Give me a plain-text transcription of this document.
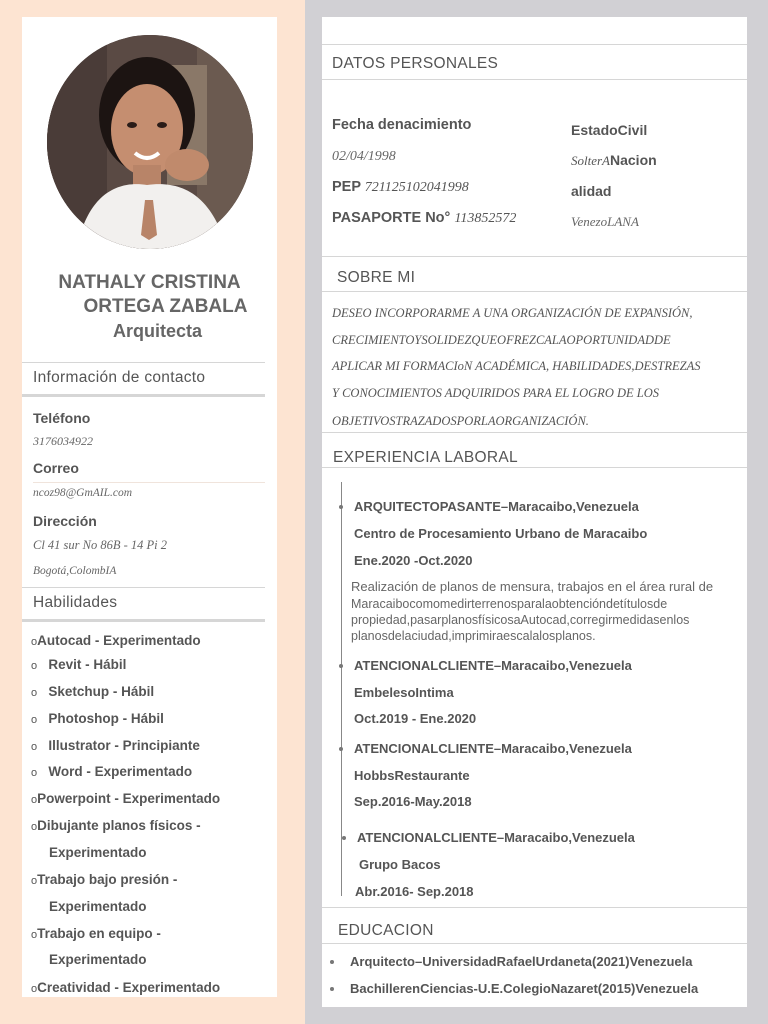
NATHALY CRISTINA
ORTEGA ZABALA
Arquitecta
Información de contacto
Teléfono
3176034922
Correo
ncoz98@GmAIL.com
Dirección
Cl 41 sur No 86B - 14 Pi 2
Bogotá,ColombIA
Habilidades
oAutocad - Experimentado
o Revit - Hábil
o Sketchup - Hábil
o Photoshop - Hábil
o Illustrator - Principiante
o Word - Experimentado
oPowerpoint - Experimentado
oDibujante planos físicos -
Experimentado
oTrabajo bajo presión -
Experimentado
oTrabajo en equipo -
Experimentado
oCreatividad - Experimentado
DATOS PERSONALES
Fecha denacimiento
02/04/1998
PEP 721125102041998
PASAPORTE No° 113852572
EstadoCivil
SolterANacion
alidad
VenezoLANA
SOBRE MI
DESEO INCORPORARME A UNA ORGANIZACIÓN DE EXPANSIÓN,
CRECIMIENTOYSOLIDEZQUEOFREZCALAOPORTUNIDADDE
APLICAR MI FORMACIoN ACADÉMICA, HABILIDADES,DESTREZAS
Y CONOCIMIENTOS ADQUIRIDOS PARA EL LOGRO DE LOS
OBJETIVOSTRAZADOSPORLAORGANIZACIÓN.
EXPERIENCIA LABORAL
ARQUITECTOPASANTE–Maracaibo,Venezuela
Centro de Procesamiento Urbano de Maracaibo
Ene.2020 -Oct.2020
Realización de planos de mensura, trabajos en el área rural de
Maracaibocomomedirterrenosparalaobtencióndetítulosde
propiedad,pasarplanosfísicosaAutocad,corregirmedidasenlos
planosdelaciudad,imprimiraescalalosplanos.
ATENCIONALCLIENTE–Maracaibo,Venezuela
EmbelesoIntima
Oct.2019 - Ene.2020
ATENCIONALCLIENTE–Maracaibo,Venezuela
HobbsRestaurante
Sep.2016-May.2018
ATENCIONALCLIENTE–Maracaibo,Venezuela
Grupo Bacos
Abr.2016- Sep.2018
EDUCACION
Arquitecto–UniversidadRafaelUrdaneta(2021)Venezuela
BachillerenCiencias-U.E.ColegioNazaret(2015)Venezuela
